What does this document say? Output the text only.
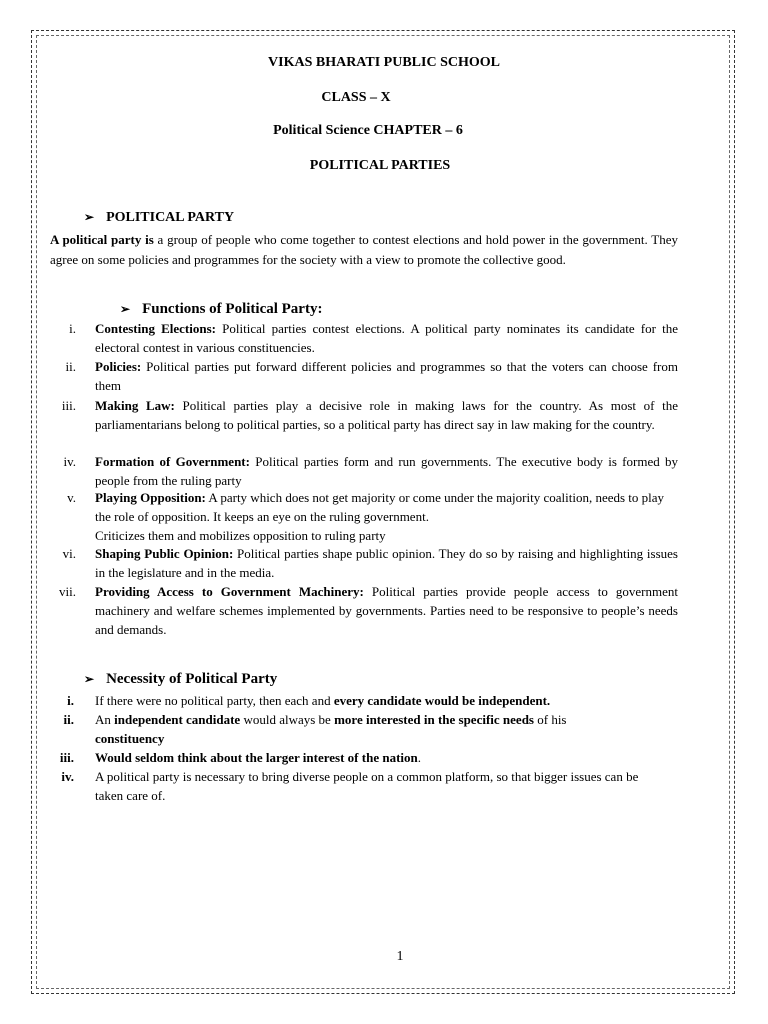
VIKAS BHARATI PUBLIC SCHOOL
CLASS – X
Political Science CHAPTER – 6
POLITICAL PARTIES
➢ POLITICAL PARTY
A political party is a group of people who come together to contest elections and hold power in the government. They agree on some policies and programmes for the society with a view to promote the collective good.
➢ Functions of Political Party:
i. Contesting Elections: Political parties contest elections. A political party nominates its candidate for the electoral contest in various constituencies.
ii. Policies: Political parties put forward different policies and programmes so that the voters can choose from them
iii. Making Law: Political parties play a decisive role in making laws for the country. As most of the parliamentarians belong to political parties, so a political party has direct say in law making for the country.
iv. Formation of Government: Political parties form and run governments. The executive body is formed by people from the ruling party
v. Playing Opposition: A party which does not get majority or come under the majority coalition, needs to play the role of opposition. It keeps an eye on the ruling government.
Criticizes them and mobilizes opposition to ruling party
vi. Shaping Public Opinion: Political parties shape public opinion. They do so by raising and highlighting issues in the legislature and in the media.
vii. Providing Access to Government Machinery: Political parties provide people access to government machinery and welfare schemes implemented by governments. Parties need to be responsive to people’s needs and demands.
➢ Necessity of Political Party
i. If there were no political party, then each and every candidate would be independent.
ii. An independent candidate would always be more interested in the specific needs of his
constituency
iii. Would seldom think about the larger interest of the nation.
iv. A political party is necessary to bring diverse people on a common platform, so that bigger issues can be taken care of.
1
